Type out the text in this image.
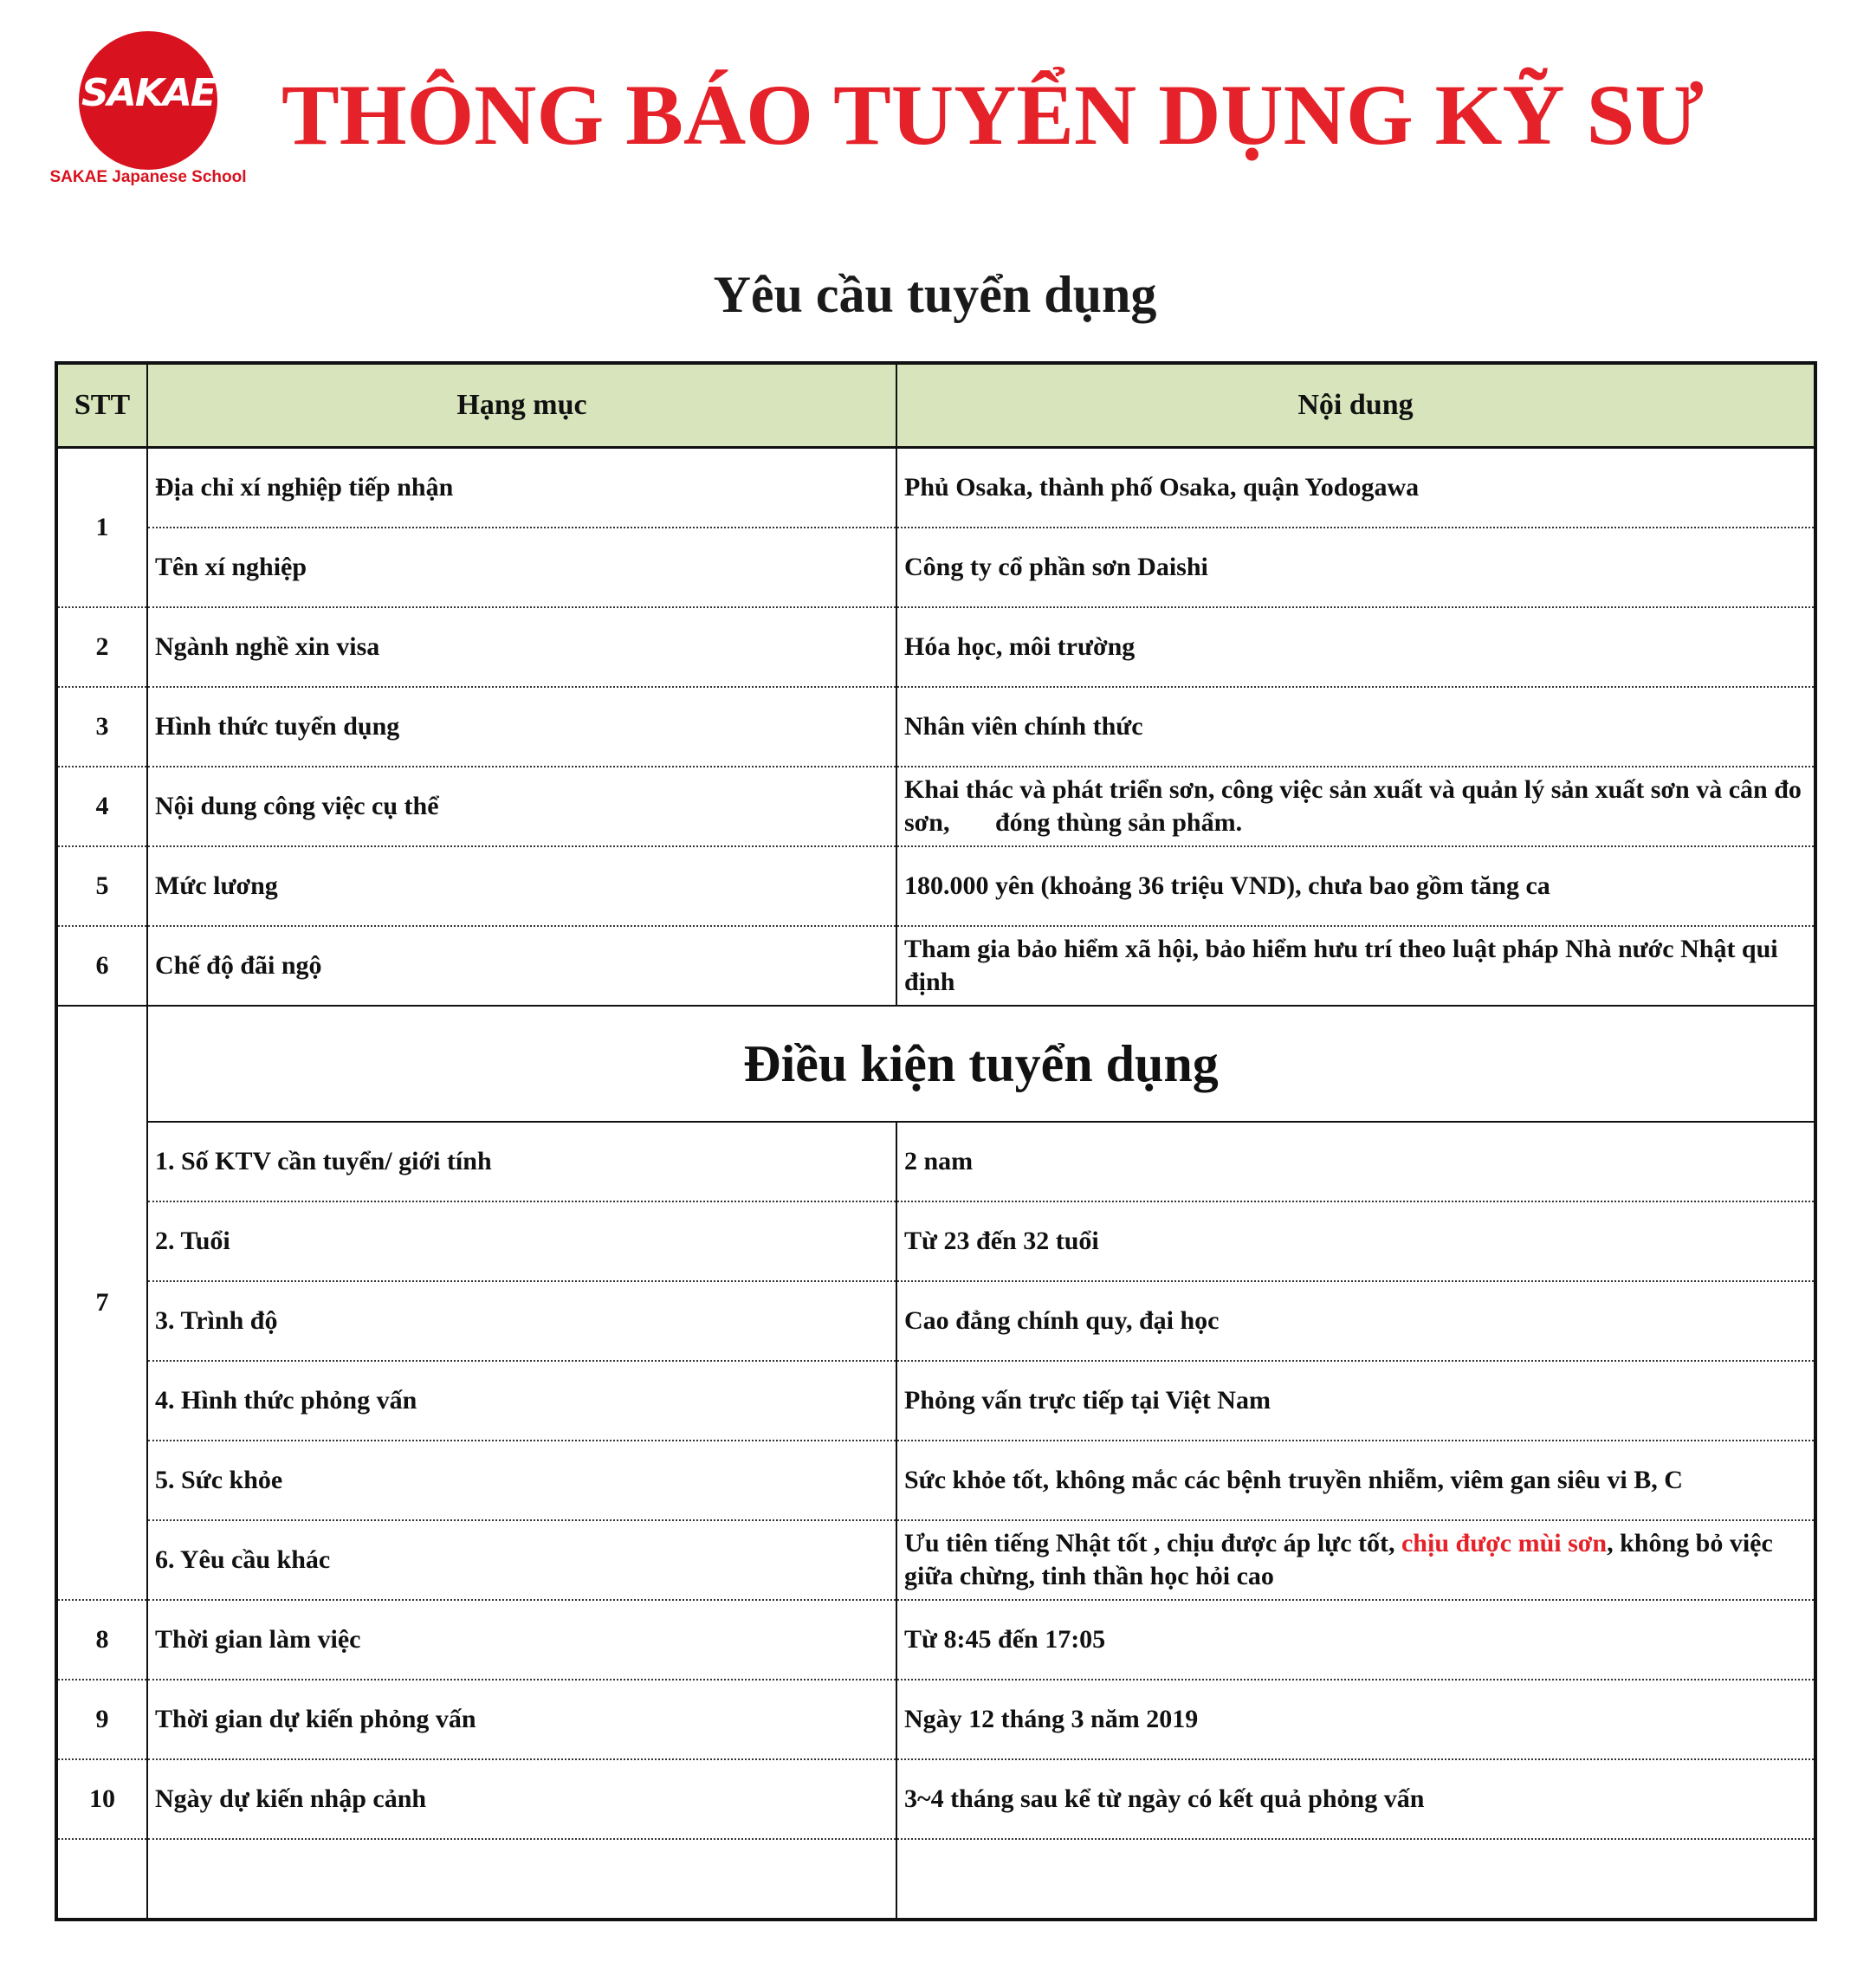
SAKAE
SAKAE Japanese School
THÔNG BÁO TUYỂN DỤNG KỸ SƯ
Yêu cầu tuyển dụng
STT	Hạng mục	Nội dung
1	Địa chỉ xí nghiệp tiếp nhận	Phủ Osaka, thành phố Osaka, quận Yodogawa
	Tên xí nghiệp	Công ty cổ phần sơn Daishi
2	Ngành nghề xin visa	Hóa học, môi trường
3	Hình thức tuyển dụng	Nhân viên chính thức
4	Nội dung công việc cụ thể	Khai thác và phát triển sơn, công việc sản xuất và quản lý sản xuất sơn và cân đo sơn,       đóng thùng sản phẩm.
5	Mức lương	180.000 yên (khoảng 36 triệu VND), chưa bao gồm tăng ca
6	Chế độ đãi ngộ	Tham gia bảo hiểm xã hội, bảo hiểm hưu trí theo luật pháp Nhà nước Nhật qui định
7	Điều kiện tuyển dụng	
	1. Số KTV cần tuyển/ giới tính	2 nam
	2. Tuổi	Từ 23 đến 32 tuổi
	3. Trình độ	Cao đẳng chính quy, đại học
	4. Hình thức phỏng vấn	Phỏng vấn trực tiếp tại Việt Nam
	5. Sức khỏe	Sức khỏe tốt, không mắc các bệnh truyền nhiễm, viêm gan siêu vi B, C
	6. Yêu cầu khác	Ưu tiên tiếng Nhật tốt , chịu được áp lực tốt, chịu được mùi sơn, không bỏ việc giữa chừng, tinh thần học hỏi cao
8	Thời gian làm việc	Từ 8:45 đến 17:05
9	Thời gian dự kiến phỏng vấn	Ngày 12 tháng 3 năm 2019
10	Ngày dự kiến nhập cảnh	3~4 tháng sau kể từ ngày có kết quả phỏng vấn
